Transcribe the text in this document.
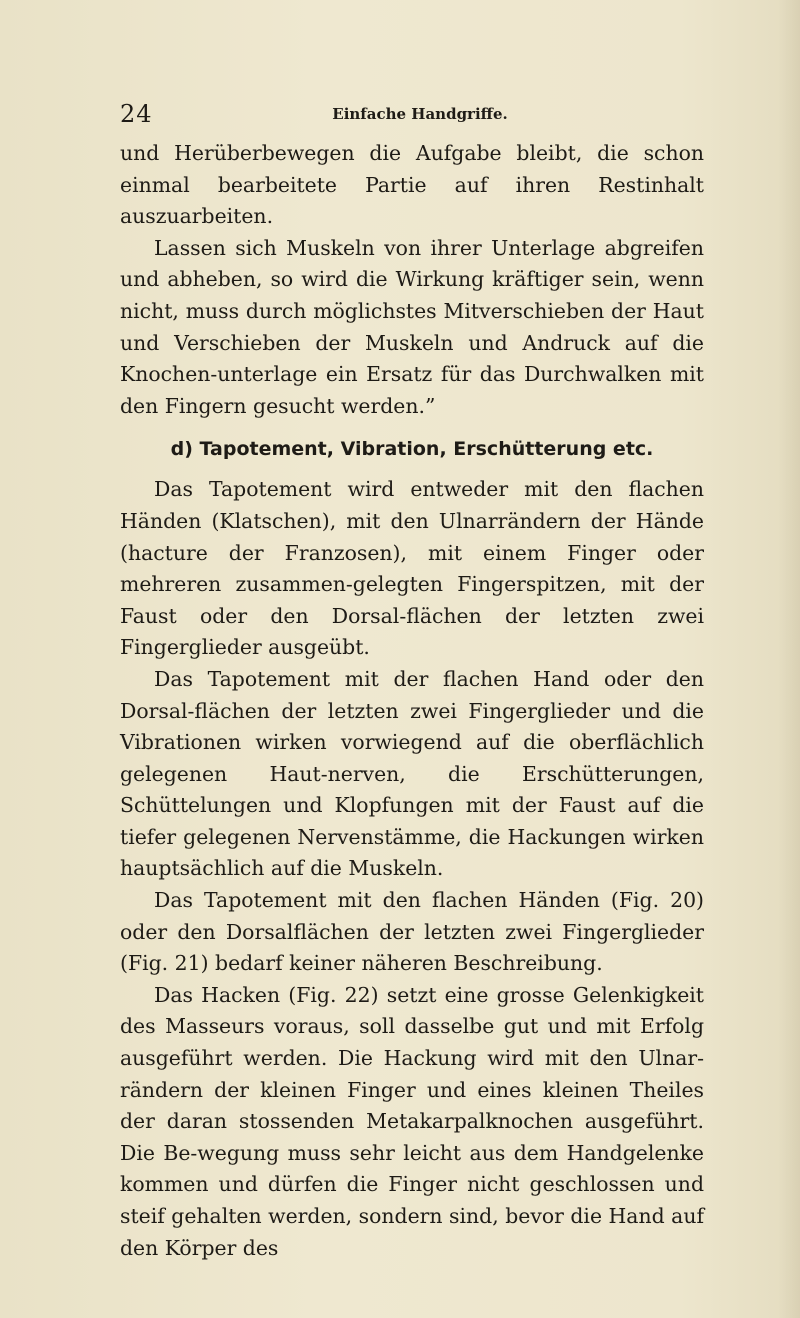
24	Einfache Handgriffe.

und Herüberbewegen die Aufgabe bleibt, die schon einmal bearbeitete Partie auf ihren Restinhalt auszuarbeiten.

Lassen sich Muskeln von ihrer Unterlage abgreifen und abheben, so wird die Wirkung kräftiger sein, wenn nicht, muss durch möglichstes Mitverschieben der Haut und Verschieben der Muskeln und Andruck auf die Knochen-unterlage ein Ersatz für das Durchwalken mit den Fingern gesucht werden.”

d) Tapotement, Vibration, Erschütterung etc.

Das Tapotement wird entweder mit den flachen Händen (Klatschen), mit den Ulnarrändern der Hände (hacture der Franzosen), mit einem Finger oder mehreren zusammen-gelegten Fingerspitzen, mit der Faust oder den Dorsal-flächen der letzten zwei Fingerglieder ausgeübt.

Das Tapotement mit der flachen Hand oder den Dorsal-flächen der letzten zwei Fingerglieder und die Vibrationen wirken vorwiegend auf die oberflächlich gelegenen Haut-nerven, die Erschütterungen, Schüttelungen und Klopfungen mit der Faust auf die tiefer gelegenen Nervenstämme, die Hackungen wirken hauptsächlich auf die Muskeln.

Das Tapotement mit den flachen Händen (Fig. 20) oder den Dorsalflächen der letzten zwei Fingerglieder (Fig. 21) bedarf keiner näheren Beschreibung.

Das Hacken (Fig. 22) setzt eine grosse Gelenkigkeit des Masseurs voraus, soll dasselbe gut und mit Erfolg ausgeführt werden. Die Hackung wird mit den Ulnar-rändern der kleinen Finger und eines kleinen Theiles der daran stossenden Metakarpalknochen ausgeführt. Die Be-wegung muss sehr leicht aus dem Handgelenke kommen und dürfen die Finger nicht geschlossen und steif gehalten werden, sondern sind, bevor die Hand auf den Körper des
